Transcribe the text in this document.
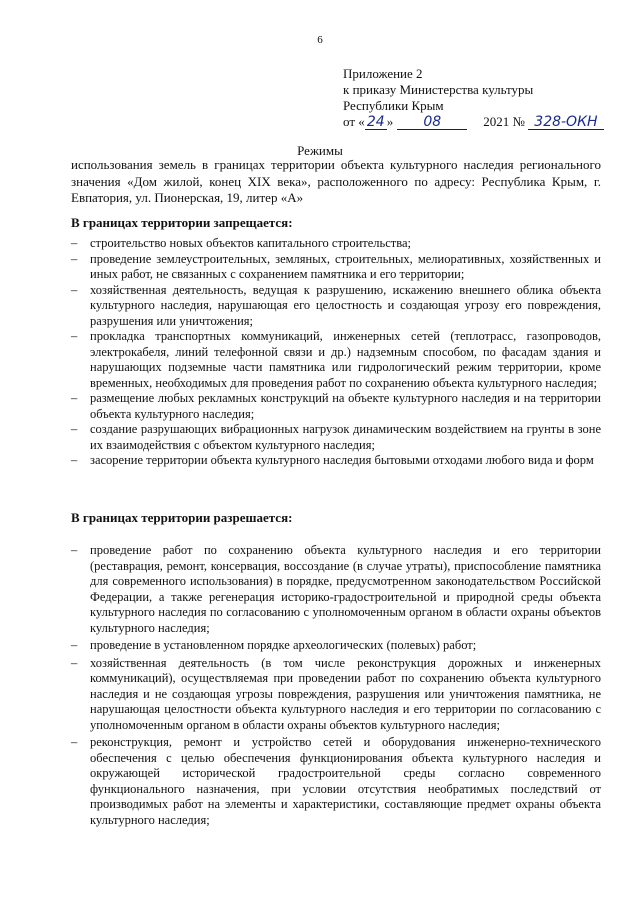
6
Приложение 2
к приказу Министерства культуры
Республики Крым
от « 24 »	08	2021 № 328-ОКН
Режимы
использования земель в границах территории объекта культурного наследия регионального значения «Дом жилой, конец XIX века», расположенного по адресу: Республика Крым, г. Евпатория, ул. Пионерская, 19, литер «А»
В границах территории запрещается:
– строительство новых объектов капитального строительства;
– проведение землеустроительных, земляных, строительных, мелиоративных, хозяйственных и иных работ, не связанных с сохранением памятника и его территории;
– хозяйственная деятельность, ведущая к разрушению, искажению внешнего облика объекта культурного наследия, нарушающая его целостность и создающая угрозу его повреждения, разрушения или уничтожения;
– прокладка транспортных коммуникаций, инженерных сетей (теплотрасс, газопроводов, электрокабеля, линий телефонной связи и др.) надземным способом, по фасадам здания и нарушающих подземные части памятника или гидрологический режим территории, кроме временных, необходимых для проведения работ по сохранению объекта культурного наследия;
– размещение любых рекламных конструкций на объекте культурного наследия и на территории объекта культурного наследия;
– создание разрушающих вибрационных нагрузок динамическим воздействием на грунты в зоне их взаимодействия с объектом культурного наследия;
– засорение территории объекта культурного наследия бытовыми отходами любого вида и форм
В границах территории разрешается:
– проведение работ по сохранению объекта культурного наследия и его территории (реставрация, ремонт, консервация, воссоздание (в случае утраты), приспособление памятника для современного использования) в порядке, предусмотренном законодательством Российской Федерации, а также регенерация историко-градостроительной и природной среды объекта культурного наследия по согласованию с уполномоченным органом в области охраны объектов культурного наследия;
– проведение в установленном порядке археологических (полевых) работ;
– хозяйственная деятельность (в том числе реконструкция дорожных и инженерных коммуникаций), осуществляемая при проведении работ по сохранению объекта культурного наследия и не создающая угрозы повреждения, разрушения или уничтожения памятника, не нарушающая целостности объекта культурного наследия и его территории по согласованию с уполномоченным органом в области охраны объектов культурного наследия;
– реконструкция, ремонт и устройство сетей и оборудования инженерно-технического обеспечения с целью обеспечения функционирования объекта культурного наследия и окружающей исторической градостроительной среды согласно современного функционального назначения, при условии отсутствия необратимых последствий от производимых работ на элементы и характеристики, составляющие предмет охраны объекта культурного наследия;
